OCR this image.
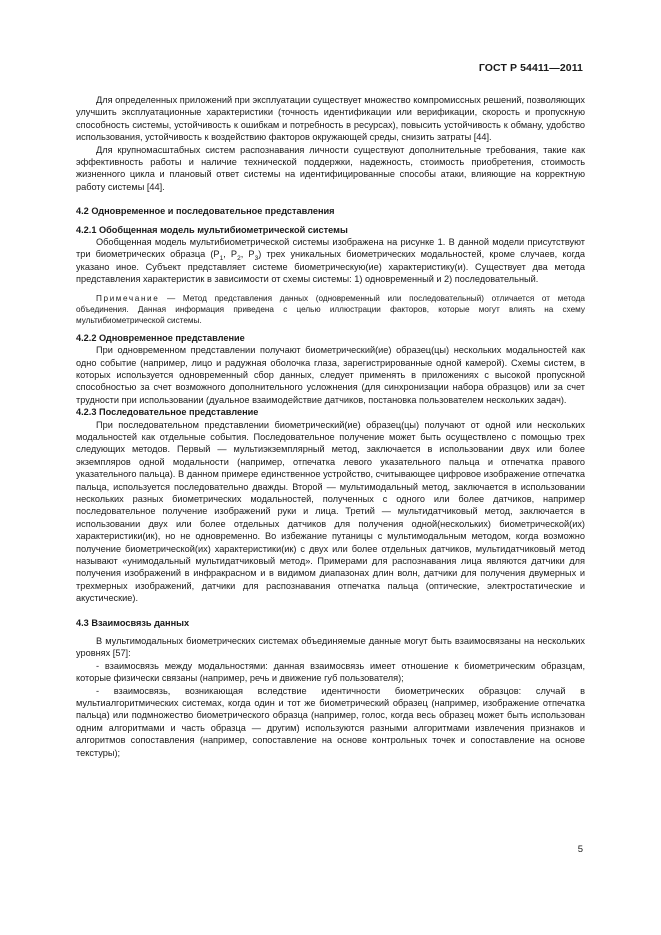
ГОСТ Р 54411—2011

Для определенных приложений при эксплуатации существует множество компромиссных решений, позволяющих улучшить эксплуатационные характеристики (точность идентификации или верификации, скорость и пропускную способность системы, устойчивость к ошибкам и потребность в ресурсах), повысить устойчивость к обману, удобство использования, устойчивость к воздействию факторов окружающей среды, снизить затраты [44].

Для крупномасштабных систем распознавания личности существуют дополнительные требования, такие как эффективность работы и наличие технической поддержки, надежность, стоимость приобретения, стоимость жизненного цикла и плановый ответ системы на идентифицированные способы атаки, влияющие на корректную работу системы [44].

4.2 Одновременное и последовательное представления
4.2.1 Обобщенная модель мультибиометрической системы

Обобщенная модель мультибиометрической системы изображена на рисунке 1. В данной модели присутствуют три биометрических образца ($P_1$, $P_2$, $P_3$) трех уникальных биометрических модальностей, кроме случаев, когда указано иное. Субъект представляет системе биометрическую(ие) характеристику(и). Существует два метода представления характеристик в зависимости от схемы системы: 1) одновременный и 2) последовательный.

Примечание — Метод представления данных (одновременный или последовательный) отличается от метода объединения. Данная информация приведена с целью иллюстрации факторов, которые могут влиять на схему мультибиометрической системы.

4.2.2 Одновременное представление

При одновременном представлении получают биометрический(ие) образец(цы) нескольких модальностей как одно событие (например, лицо и радужная оболочка глаза, зарегистрированные одной камерой). Схемы систем, в которых используется одновременный сбор данных, следует применять в приложениях с высокой пропускной способностью за счет возможного дополнительного усложнения (для синхронизации набора образцов) или за счет трудности при использовании (дуальное взаимодействие датчиков, постановка пользователем нескольких задач).

4.2.3 Последовательное представление

При последовательном представлении биометрический(ие) образец(цы) получают от одной или нескольких модальностей как отдельные события. Последовательное получение может быть осуществлено с помощью трех следующих методов. Первый — мультиэкземплярный метод, заключается в использовании двух или более экземпляров одной модальности (например, отпечатка левого указательного пальца и отпечатка правого указательного пальца). В данном примере единственное устройство, считывающее цифровое изображение отпечатка пальца, используется последовательно дважды. Второй — мультимодальный метод, заключается в использовании нескольких разных биометрических модальностей, полученных с одного или более датчиков, например последовательное получение изображений руки и лица. Третий — мультидатчиковый метод, заключается в использовании двух или более отдельных датчиков для получения одной(нескольких) биометрической(их) характеристики(ик), но не одновременно. Во избежание путаницы с мультимодальным методом, когда возможно получение биометрической(их) характеристики(ик) с двух или более отдельных датчиков, мультидатчиковый метод называют «унимодальный мультидатчиковый метод». Примерами для распознавания лица являются датчики для получения изображений в инфракрасном и в видимом диапазонах длин волн, датчики для получения двумерных и трехмерных изображений, датчики для распознавания отпечатка пальца (оптические, электростатические и акустические).

4.3 Взаимосвязь данных

В мультимодальных биометрических системах объединяемые данные могут быть взаимосвязаны на нескольких уровнях [57]:

- взаимосвязь между модальностями: данная взаимосвязь имеет отношение к биометрическим образцам, которые физически связаны (например, речь и движение губ пользователя);

- взаимосвязь, возникающая вследствие идентичности биометрических образцов: случай в мультиалгоритмических системах, когда один и тот же биометрический образец (например, изображение отпечатка пальца) или подмножество биометрического образца (например, голос, когда весь образец может быть использован одним алгоритмами и часть образца — другим) используются разными алгоритмами извлечения признаков и алгоритмов сопоставления (например, сопоставление на основе контрольных точек и сопоставление на основе текстуры);

5
